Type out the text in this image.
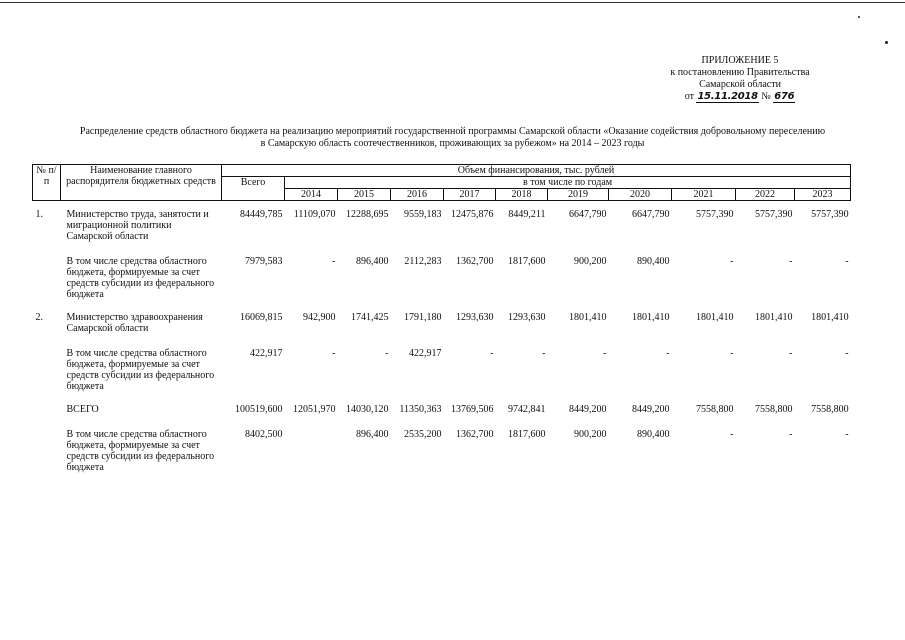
ПРИЛОЖЕНИЕ 5
к постановлению Правительства
Самарской области
от 15.11.2018 № 676
Распределение средств областного бюджета на реализацию мероприятий государственной программы Самарской области «Оказание содействия добровольному переселению
в Самарскую область соотечественников, проживающих за рубежом» на 2014 – 2023 годы
№ п/п	Наименование главного распорядителя бюджетных средств	Объем финансирования, тыс. рублей										
		Всего	в том числе по годам									
			2014	2015	2016	2017	2018	2019	2020	2021	2022	2023

1.	Министерство труда, занятости и миграционной политики Самарской области	84449,785	11109,070	12288,695	9559,183	12475,876	8449,211	6647,790	6647,790	5757,390	5757,390	5757,390

	В том числе средства областного бюджета, формируемые за счет средств субсидии из федерального бюджета	7979,583	-	896,400	2112,283	1362,700	1817,600	900,200	890,400	-	-	-

2.	Министерство здравоохранения Самарской области	16069,815	942,900	1741,425	1791,180	1293,630	1293,630	1801,410	1801,410	1801,410	1801,410	1801,410

	В том числе средства областного бюджета, формируемые за счет средств субсидии из федерального бюджета	422,917	-	-	422,917	-	-	-	-	-	-	-

	ВСЕГО	100519,600	12051,970	14030,120	11350,363	13769,506	9742,841	8449,200	8449,200	7558,800	7558,800	7558,800

	В том числе средства областного бюджета, формируемые за счет средств субсидии из федерального бюджета	8402,500		896,400	2535,200	1362,700	1817,600	900,200	890,400	-	-	-
